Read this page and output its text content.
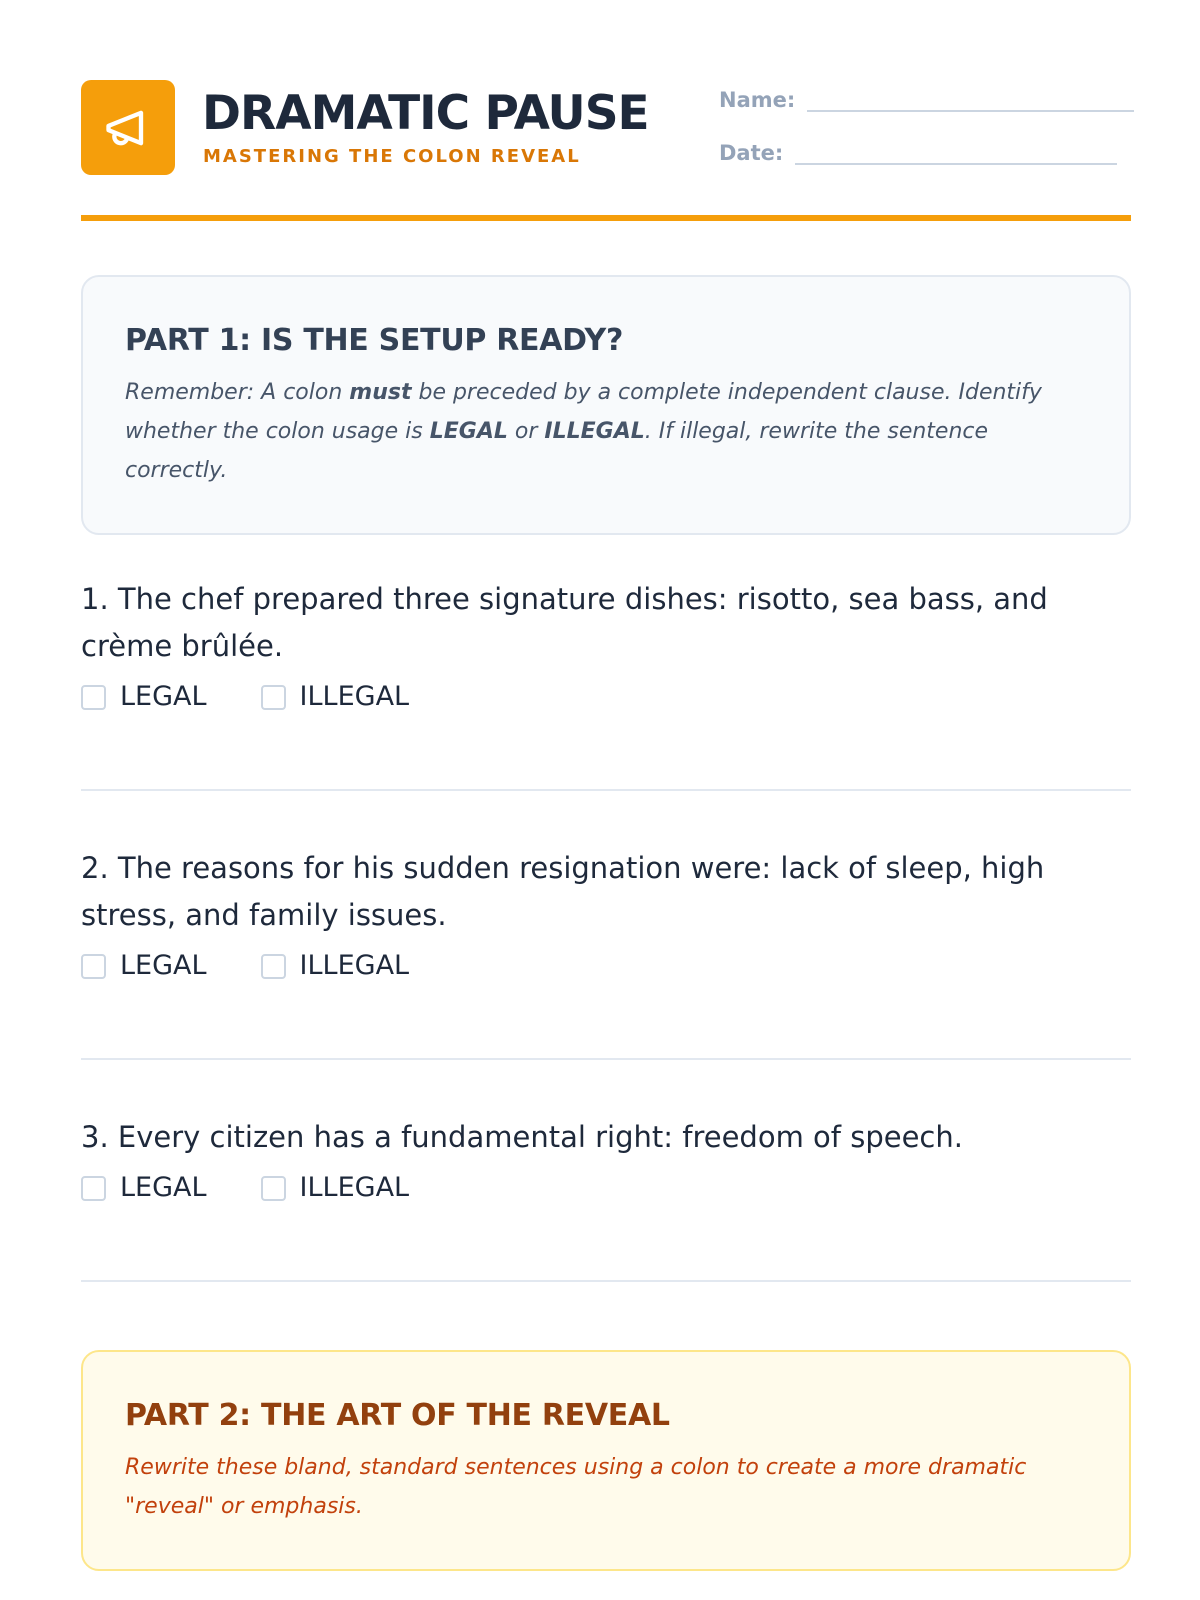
DRAMATIC PAUSE
MASTERING THE COLON REVEAL
Name:
Date:
PART 1: IS THE SETUP READY?
Remember: A colon must be preceded by a complete independent clause. Identify whether the colon usage is LEGAL or ILLEGAL. If illegal, rewrite the sentence correctly.
1. The chef prepared three signature dishes: risotto, sea bass, and crème brûlée.
LEGAL	ILLEGAL
2. The reasons for his sudden resignation were: lack of sleep, high stress, and family issues.
LEGAL	ILLEGAL
3. Every citizen has a fundamental right: freedom of speech.
LEGAL	ILLEGAL
PART 2: THE ART OF THE REVEAL
Rewrite these bland, standard sentences using a colon to create a more dramatic "reveal" or emphasis.
